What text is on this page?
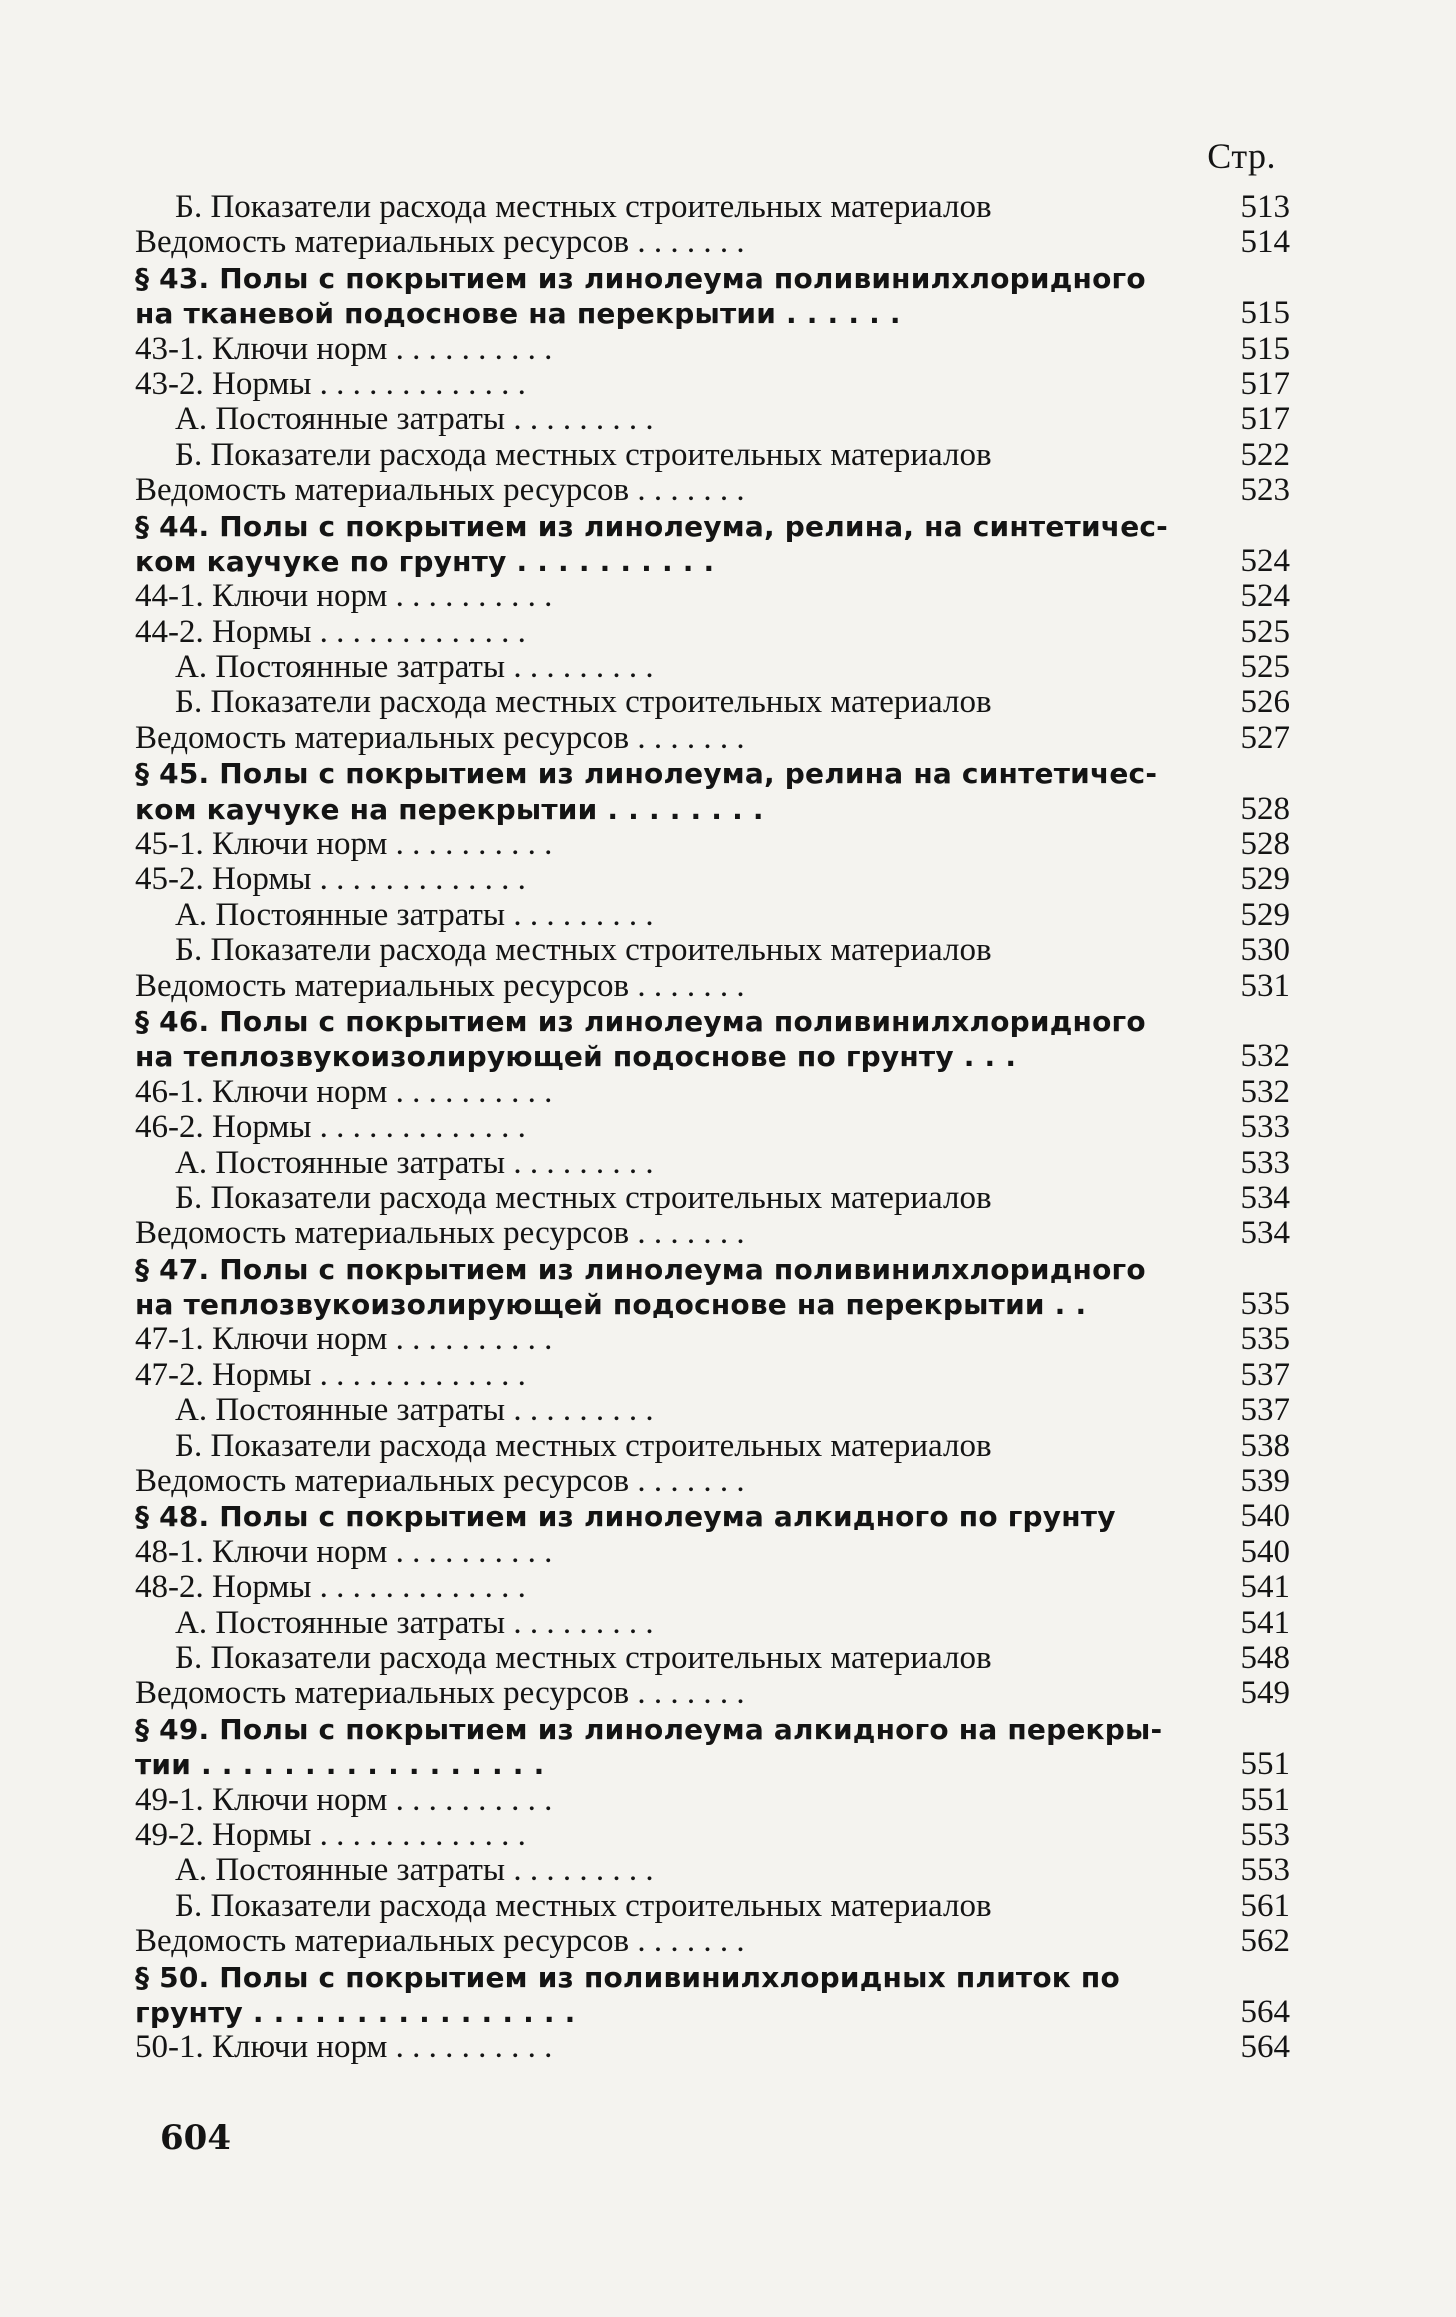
Стр.
Б. Показатели расхода местных строительных материалов	513
Ведомость материальных ресурсов . . . . . . .	514
§ 43. Полы с покрытием из линолеума поливинилхлоридного
на тканевой подоснове на перекрытии . . . . . .	515
43-1. Ключи норм . . . . . . . . . .	515
43-2. Нормы . . . . . . . . . . . . .	517
А. Постоянные затраты . . . . . . . . .	517
Б. Показатели расхода местных строительных материалов	522
Ведомость материальных ресурсов . . . . . . .	523
§ 44. Полы с покрытием из линолеума, релина, на синтетичес-
ком каучуке по грунту . . . . . . . . . .	524
44-1. Ключи норм . . . . . . . . . .	524
44-2. Нормы . . . . . . . . . . . . .	525
А. Постоянные затраты . . . . . . . . .	525
Б. Показатели расхода местных строительных материалов	526
Ведомость материальных ресурсов . . . . . . .	527
§ 45. Полы с покрытием из линолеума, релина на синтетичес-
ком каучуке на перекрытии . . . . . . . .	528
45-1. Ключи норм . . . . . . . . . .	528
45-2. Нормы . . . . . . . . . . . . .	529
А. Постоянные затраты . . . . . . . . .	529
Б. Показатели расхода местных строительных материалов	530
Ведомость материальных ресурсов . . . . . . .	531
§ 46. Полы с покрытием из линолеума поливинилхлоридного
на теплозвукоизолирующей подоснове по грунту . . .	532
46-1. Ключи норм . . . . . . . . . .	532
46-2. Нормы . . . . . . . . . . . . .	533
А. Постоянные затраты . . . . . . . . .	533
Б. Показатели расхода местных строительных материалов	534
Ведомость материальных ресурсов . . . . . . .	534
§ 47. Полы с покрытием из линолеума поливинилхлоридного
на теплозвукоизолирующей подоснове на перекрытии . .	535
47-1. Ключи норм . . . . . . . . . .	535
47-2. Нормы . . . . . . . . . . . . .	537
А. Постоянные затраты . . . . . . . . .	537
Б. Показатели расхода местных строительных материалов	538
Ведомость материальных ресурсов . . . . . . .	539
§ 48. Полы с покрытием из линолеума алкидного по грунту	540
48-1. Ключи норм . . . . . . . . . .	540
48-2. Нормы . . . . . . . . . . . . .	541
А. Постоянные затраты . . . . . . . . .	541
Б. Показатели расхода местных строительных материалов	548
Ведомость материальных ресурсов . . . . . . .	549
§ 49. Полы с покрытием из линолеума алкидного на перекры-
тии . . . . . . . . . . . . . . . . .	551
49-1. Ключи норм . . . . . . . . . .	551
49-2. Нормы . . . . . . . . . . . . .	553
А. Постоянные затраты . . . . . . . . .	553
Б. Показатели расхода местных строительных материалов	561
Ведомость материальных ресурсов . . . . . . .	562
§ 50. Полы с покрытием из поливинилхлоридных плиток по
грунту . . . . . . . . . . . . . . . .	564
50-1. Ключи норм . . . . . . . . . .	564
604
